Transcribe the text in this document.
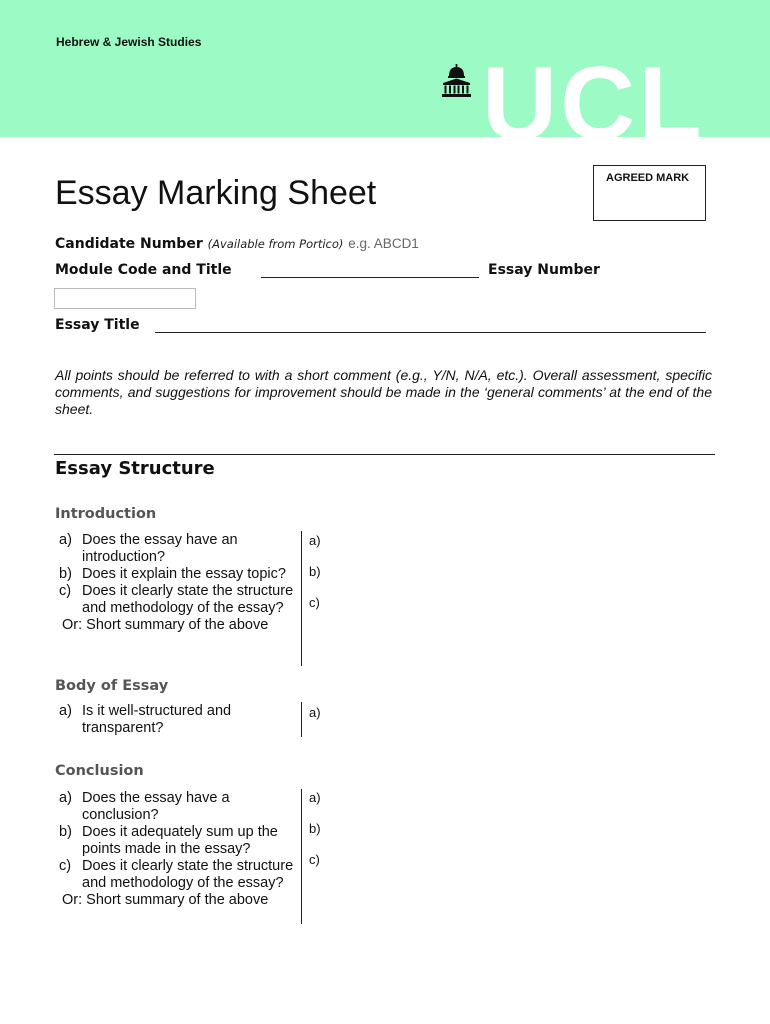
Hebrew & Jewish Studies
UCL
Essay Marking Sheet	AGREED MARK
Candidate Number (Available from Portico) e.g. ABCD1
Module Code and Title	Essay Number
Essay Title

All points should be referred to with a short comment (e.g., Y/N, N/A, etc.). Overall assessment, specific comments, and suggestions for improvement should be made in the ‘general comments’ at the end of the sheet.

Essay Structure
Introduction
a) Does the essay have an introduction?
b) Does it explain the essay topic?
c) Does it clearly state the structure and methodology of the essay?
Or: Short summary of the above
a)
b)
c)
Body of Essay
a) Is it well-structured and transparent?
a)
Conclusion
a) Does the essay have a conclusion?
b) Does it adequately sum up the points made in the essay?
c) Does it clearly state the structure and methodology of the essay?
Or: Short summary of the above
a)
b)
c)
